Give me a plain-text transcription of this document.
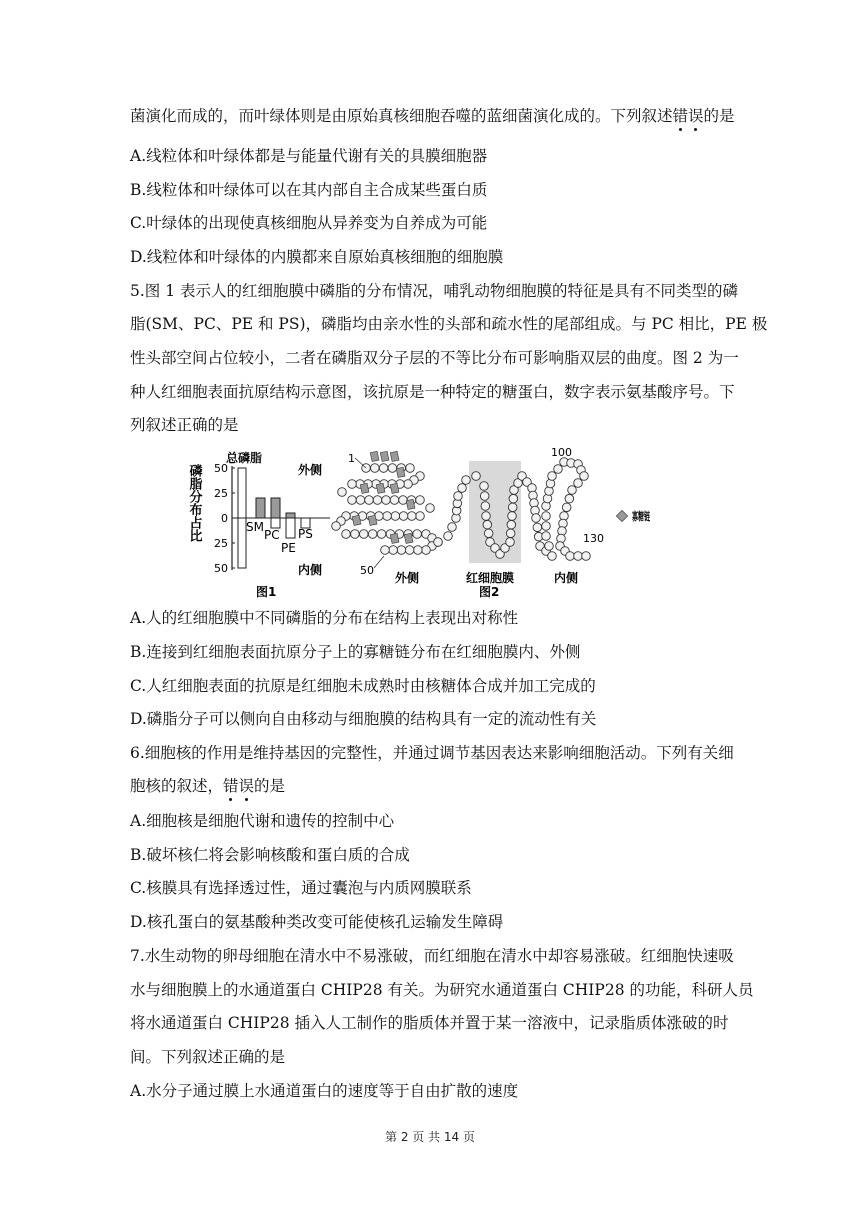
菌演化而成的，而叶绿体则是由原始真核细胞吞噬的蓝细菌演化成的。下列叙述错误的是
A.线粒体和叶绿体都是与能量代谢有关的具膜细胞器
B.线粒体和叶绿体可以在其内部自主合成某些蛋白质
C.叶绿体的出现使真核细胞从异养变为自养成为可能
D.线粒体和叶绿体的内膜都来自原始真核细胞的细胞膜
5.图 1 表示人的红细胞膜中磷脂的分布情况，哺乳动物细胞膜的特征是具有不同类型的磷
脂(SM、PC、PE 和 PS)，磷脂均由亲水性的头部和疏水性的尾部组成。与 PC 相比，PE 极
性头部空间占位较小，二者在磷脂双分子层的不等比分布可影响脂双层的曲度。图 2 为一
种人红细胞表面抗原结构示意图，该抗原是一种特定的糖蛋白，数字表示氨基酸序号。下
列叙述正确的是
磷脂分布占比 50
25
0
25
50
总磷脂
外侧
内侧
SM
PC
PE
PS
图1
1
50
100
130
外侧	红细胞膜	内侧
图2
寡糖链
A.人的红细胞膜中不同磷脂的分布在结构上表现出对称性
B.连接到红细胞表面抗原分子上的寡糖链分布在红细胞膜内、外侧
C.人红细胞表面的抗原是红细胞未成熟时由核糖体合成并加工完成的
D.磷脂分子可以侧向自由移动与细胞膜的结构具有一定的流动性有关
6.细胞核的作用是维持基因的完整性，并通过调节基因表达来影响细胞活动。下列有关细
胞核的叙述，错误的是
A.细胞核是细胞代谢和遗传的控制中心
B.破坏核仁将会影响核酸和蛋白质的合成
C.核膜具有选择透过性，通过囊泡与内质网膜联系
D.核孔蛋白的氨基酸种类改变可能使核孔运输发生障碍
7.水生动物的卵母细胞在清水中不易涨破，而红细胞在清水中却容易涨破。红细胞快速吸
水与细胞膜上的水通道蛋白 CHIP28 有关。为研究水通道蛋白 CHIP28 的功能，科研人员
将水通道蛋白 CHIP28 插入人工制作的脂质体并置于某一溶液中，记录脂质体涨破的时
间。下列叙述正确的是
A.水分子通过膜上水通道蛋白的速度等于自由扩散的速度
第 2 页 共 14 页
